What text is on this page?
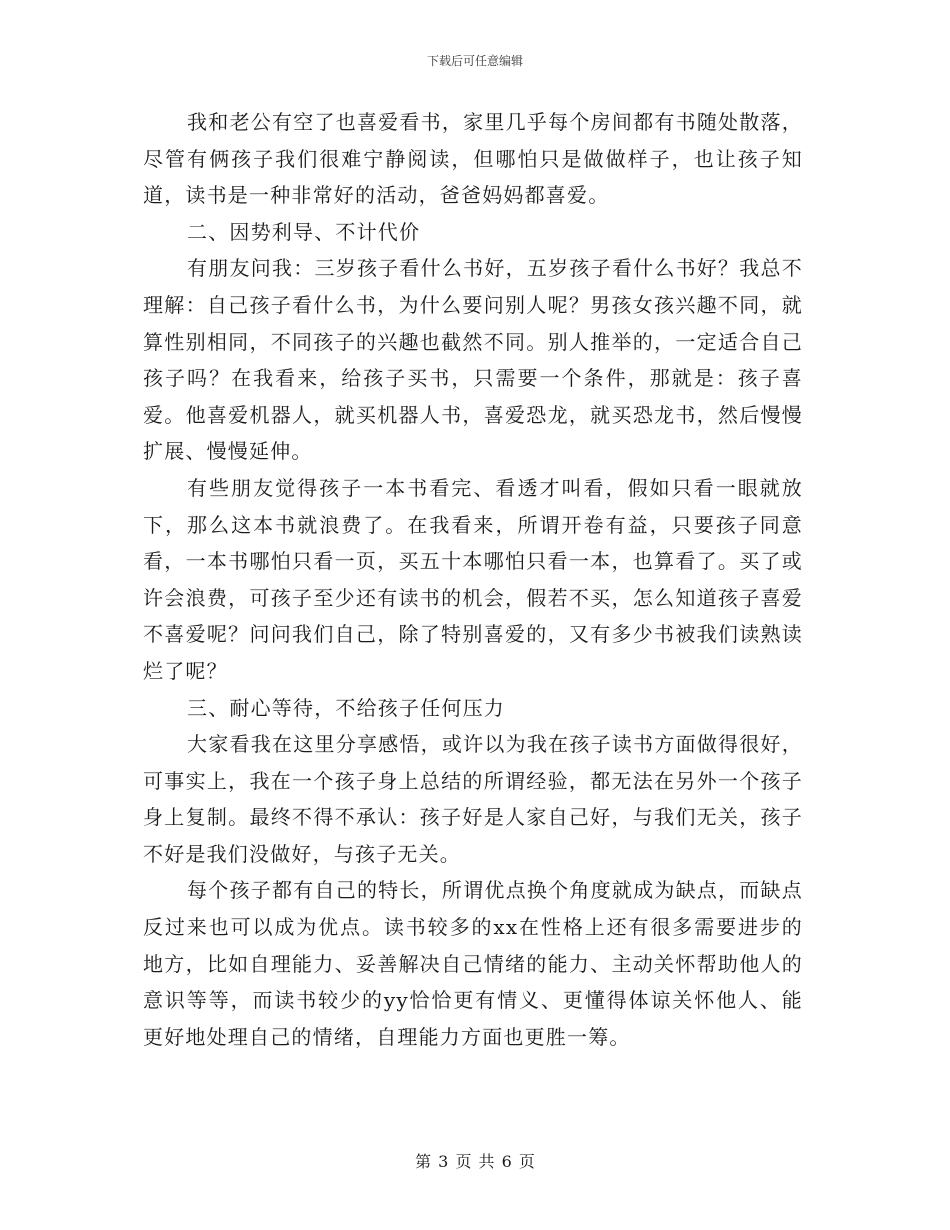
下载后可任意编辑

我和老公有空了也喜爱看书，家里几乎每个房间都有书随处散落，尽管有俩孩子我们很难宁静阅读，但哪怕只是做做样子，也让孩子知道，读书是一种非常好的活动，爸爸妈妈都喜爱。

二、因势利导、不计代价

有朋友问我：三岁孩子看什么书好，五岁孩子看什么书好？我总不理解：自己孩子看什么书，为什么要问别人呢？男孩女孩兴趣不同，就算性别相同，不同孩子的兴趣也截然不同。别人推举的，一定适合自己孩子吗？在我看来，给孩子买书，只需要一个条件，那就是：孩子喜爱。他喜爱机器人，就买机器人书，喜爱恐龙，就买恐龙书，然后慢慢扩展、慢慢延伸。

有些朋友觉得孩子一本书看完、看透才叫看，假如只看一眼就放下，那么这本书就浪费了。在我看来，所谓开卷有益，只要孩子同意看，一本书哪怕只看一页，买五十本哪怕只看一本，也算看了。买了或许会浪费，可孩子至少还有读书的机会，假若不买，怎么知道孩子喜爱不喜爱呢？问问我们自己，除了特别喜爱的，又有多少书被我们读熟读烂了呢？

三、耐心等待，不给孩子任何压力

大家看我在这里分享感悟，或许以为我在孩子读书方面做得很好，可事实上，我在一个孩子身上总结的所谓经验，都无法在另外一个孩子身上复制。最终不得不承认：孩子好是人家自己好，与我们无关，孩子不好是我们没做好，与孩子无关。

每个孩子都有自己的特长，所谓优点换个角度就成为缺点，而缺点反过来也可以成为优点。读书较多的xx在性格上还有很多需要进步的地方，比如自理能力、妥善解决自己情绪的能力、主动关怀帮助他人的意识等等，而读书较少的yy恰恰更有情义、更懂得体谅关怀他人、能更好地处理自己的情绪，自理能力方面也更胜一筹。

第 3 页 共 6 页
